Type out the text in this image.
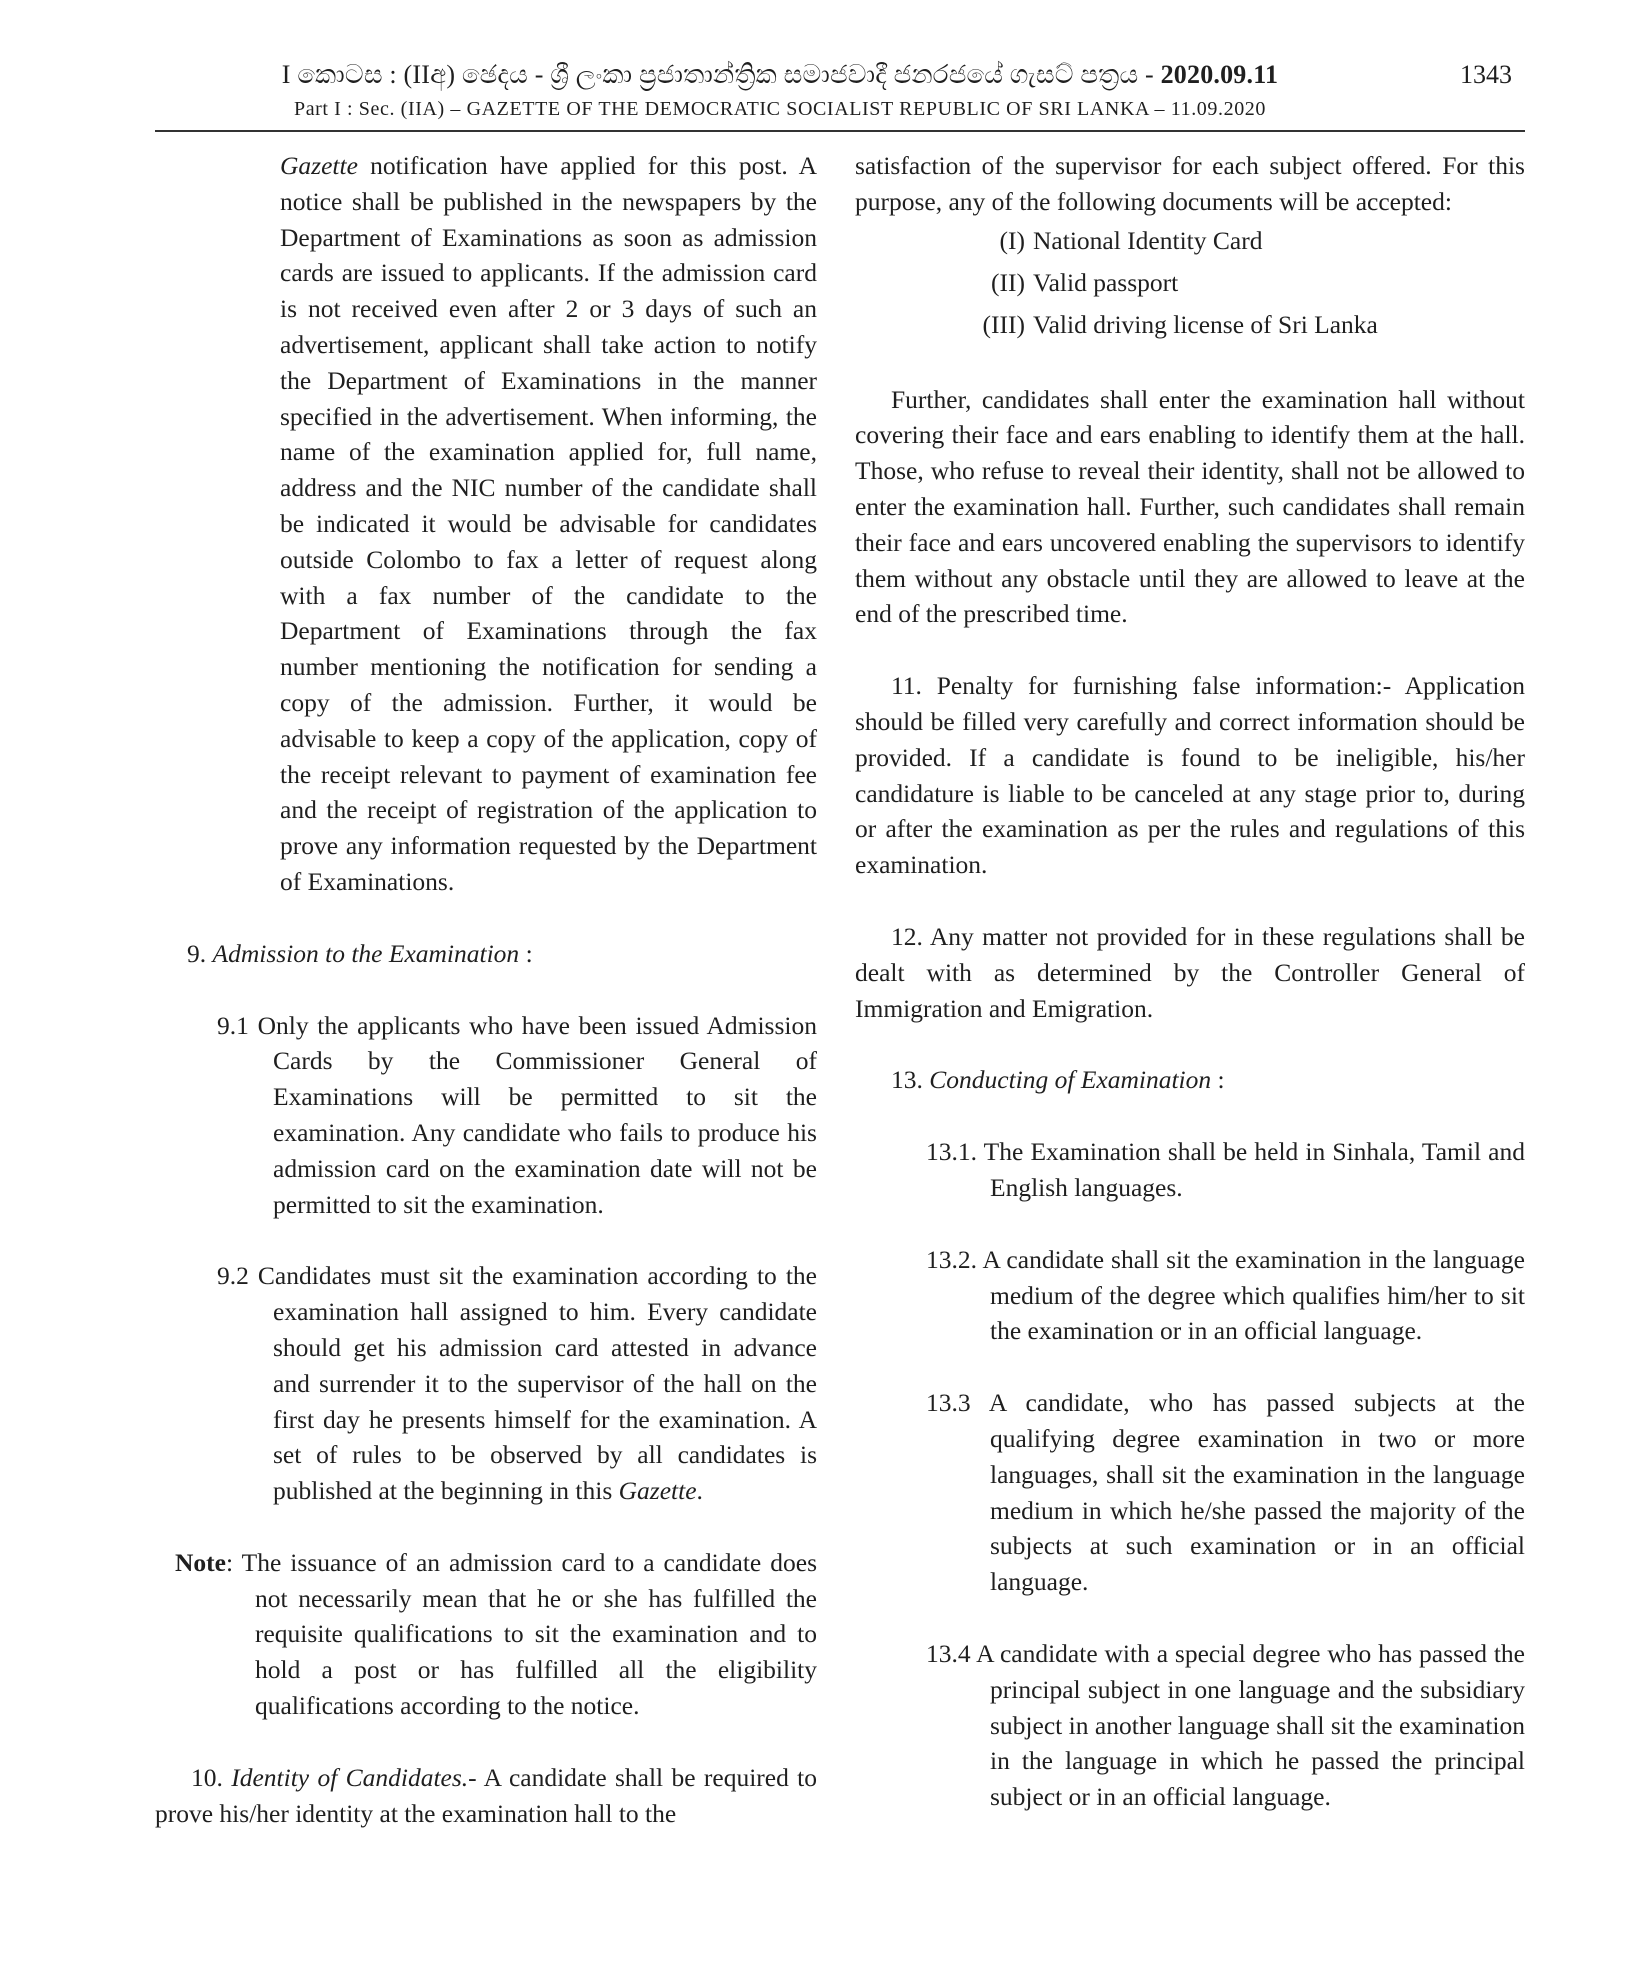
I කොටස : (IIඅ) ඡෙදය - ශ්‍රී ලංකා ප්‍රජාතාන්ත්‍රික සමාජවාදී ජනරජයේ ගැසට් පත්‍රය - 2020.09.11
Part I : Sec. (IIA) – GAZETTE OF THE DEMOCRATIC SOCIALIST REPUBLIC OF SRI LANKA – 11.09.2020
1343

Gazette notification have applied for this post. A notice shall be published in the newspapers by the Department of Examinations as soon as admission cards are issued to applicants. If the admission card is not received even after 2 or 3 days of such an advertisement, applicant shall take action to notify the Department of Examinations in the manner specified in the advertisement. When informing, the name of the examination applied for, full name, address and the NIC number of the candidate shall be indicated it would be advisable for candidates outside Colombo to fax a letter of request along with a fax number of the candidate to the Department of Examinations through the fax number mentioning the notification for sending a copy of the admission. Further, it would be advisable to keep a copy of the application, copy of the receipt relevant to payment of examination fee and the receipt of registration of the application to prove any information requested by the Department of Examinations.

9. Admission to the Examination :

9.1 Only the applicants who have been issued Admission Cards by the Commissioner General of Examinations will be permitted to sit the examination. Any candidate who fails to produce his admission card on the examination date will not be permitted to sit the examination.

9.2 Candidates must sit the examination according to the examination hall assigned to him. Every candidate should get his admission card attested in advance and surrender it to the supervisor of the hall on the first day he presents himself for the examination. A set of rules to be observed by all candidates is published at the beginning in this Gazette.

Note: The issuance of an admission card to a candidate does not necessarily mean that he or she has fulfilled the requisite qualifications to sit the examination and to hold a post or has fulfilled all the eligibility qualifications according to the notice.

10. Identity of Candidates.- A candidate shall be required to prove his/her identity at the examination hall to the

satisfaction of the supervisor for each subject offered. For this purpose, any of the following documents will be accepted:

(I) National Identity Card
(II) Valid passport
(III) Valid driving license of Sri Lanka

Further, candidates shall enter the examination hall without covering their face and ears enabling to identify them at the hall. Those, who refuse to reveal their identity, shall not be allowed to enter the examination hall. Further, such candidates shall remain their face and ears uncovered enabling the supervisors to identify them without any obstacle until they are allowed to leave at the end of the prescribed time.

11. Penalty for furnishing false information:- Application should be filled very carefully and correct information should be provided. If a candidate is found to be ineligible, his/her candidature is liable to be canceled at any stage prior to, during or after the examination as per the rules and regulations of this examination.

12. Any matter not provided for in these regulations shall be dealt with as determined by the Controller General of Immigration and Emigration.

13. Conducting of Examination :

13.1. The Examination shall be held in Sinhala, Tamil and English languages.

13.2. A candidate shall sit the examination in the language medium of the degree which qualifies him/her to sit the examination or in an official language.

13.3 A candidate, who has passed subjects at the qualifying degree examination in two or more languages, shall sit the examination in the language medium in which he/she passed the majority of the subjects at such examination or in an official language.

13.4 A candidate with a special degree who has passed the principal subject in one language and the subsidiary subject in another language shall sit the examination in the language in which he passed the principal subject or in an official language.
